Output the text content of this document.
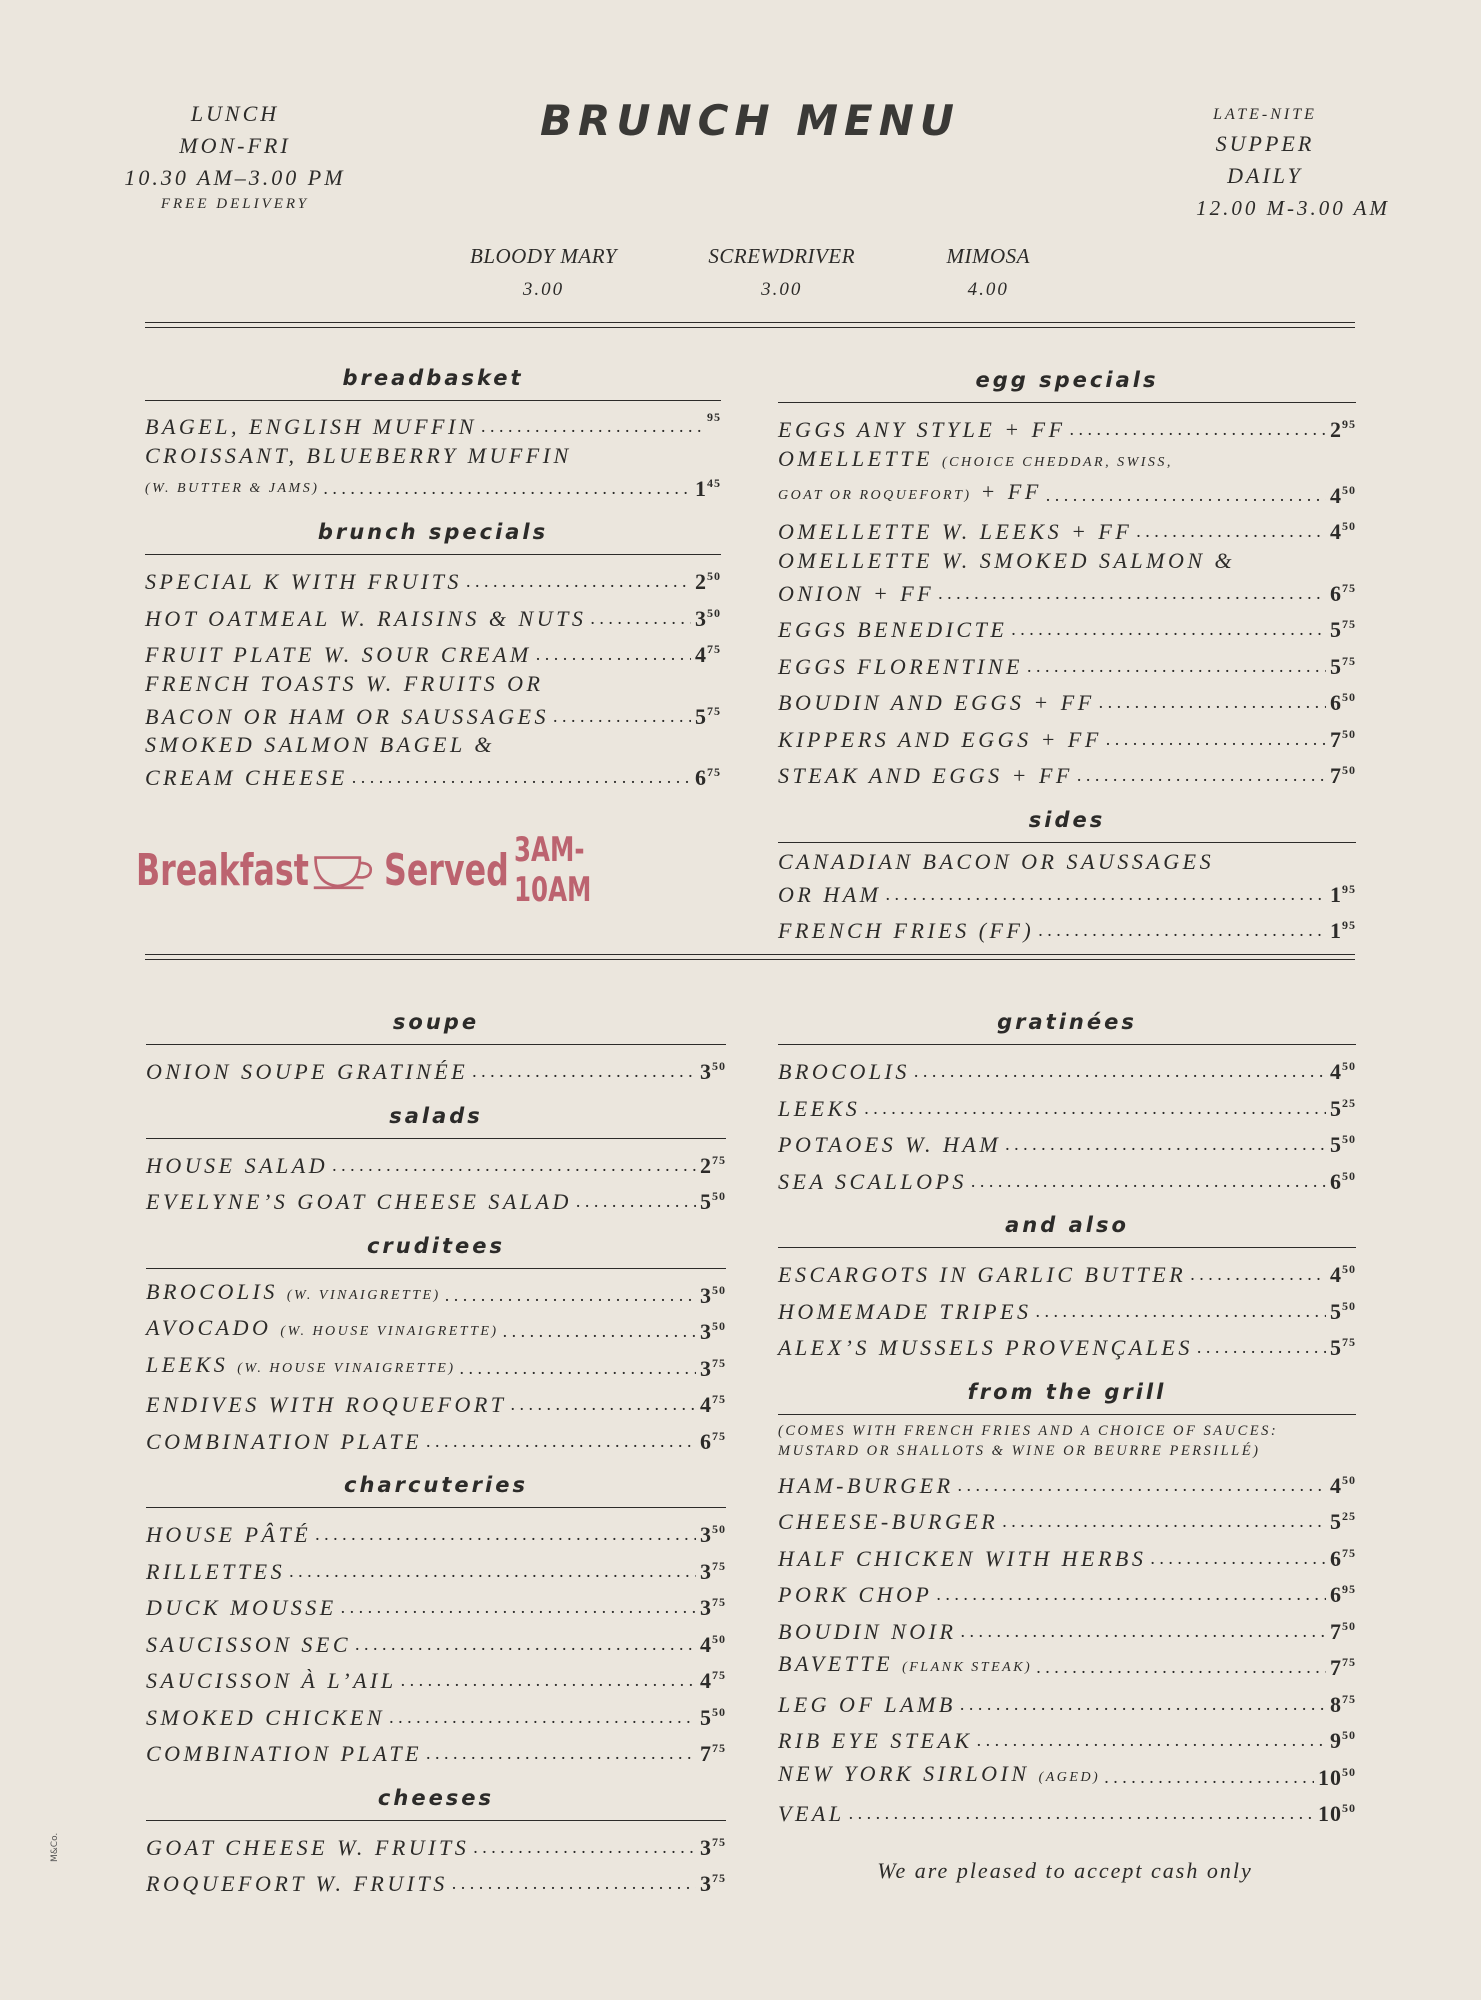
LUNCH
MON-FRI
10.30 AM–3.00 PM
FREE DELIVERY
BRUNCH MENU	LATE-NITE
SUPPER
DAILY
12.00 M-3.00 AM
BLOODY MARY
3.00
SCREWDRIVER
3.00
MIMOSA
4.00
breadbasket
BAGEL, ENGLISH MUFFIN . . .	$^{95}$
CROISSANT, BLUEBERRY MUFFIN
(W. BUTTER & JAMS) . . .	$1^{45}$
brunch specials
SPECIAL K WITH FRUITS . . .	$2^{50}$
HOT OATMEAL W. RAISINS & NUTS . . .	$3^{50}$
FRUIT PLATE W. SOUR CREAM . . .	$4^{75}$
FRENCH TOASTS W. FRUITS OR
BACON OR HAM OR SAUSSAGES . . .	$5^{75}$
SMOKED SALMON BAGEL &
CREAM CHEESE . . .	$6^{75}$
Breakfast Served 3AM-10AM
egg specials
EGGS ANY STYLE + FF . . .	$2^{95}$
OMELLETTE (CHOICE CHEDDAR, SWISS,
GOAT OR ROQUEFORT) + FF . . .	$4^{50}$
OMELLETTE W. LEEKS + FF . . .	$4^{50}$
OMELLETTE W. SMOKED SALMON &
ONION + FF . . .	$6^{75}$
EGGS BENEDICTE . . .	$5^{75}$
EGGS FLORENTINE . . .	$5^{75}$
BOUDIN AND EGGS + FF . . .	$6^{50}$
KIPPERS AND EGGS + FF . . .	$7^{50}$
STEAK AND EGGS + FF . . .	$7^{50}$
sides
CANADIAN BACON OR SAUSSAGES
OR HAM . . .	$1^{95}$
FRENCH FRIES (FF) . . .	$1^{95}$
soupe
ONION SOUPE GRATINÉE . . .	$3^{50}$
salads
HOUSE SALAD . . .	$2^{75}$
EVELYNE’S GOAT CHEESE SALAD . . .	$5^{50}$
cruditees
BROCOLIS (W. VINAIGRETTE) . . .	$3^{50}$
AVOCADO (W. HOUSE VINAIGRETTE) . . .	$3^{50}$
LEEKS (W. HOUSE VINAIGRETTE) . . .	$3^{75}$
ENDIVES WITH ROQUEFORT . . .	$4^{75}$
COMBINATION PLATE . . .	$6^{75}$
charcuteries
HOUSE PÂTÉ . . .	$3^{50}$
RILLETTES . . .	$3^{75}$
DUCK MOUSSE . . .	$3^{75}$
SAUCISSON SEC . . .	$4^{50}$
SAUCISSON À L’AIL . . .	$4^{75}$
SMOKED CHICKEN . . .	$5^{50}$
COMBINATION PLATE . . .	$7^{75}$
cheeses
GOAT CHEESE W. FRUITS . . .	$3^{75}$
ROQUEFORT W. FRUITS . . .	$3^{75}$
gratinées
BROCOLIS . . .	$4^{50}$
LEEKS . . .	$5^{25}$
POTAOES W. HAM . . .	$5^{50}$
SEA SCALLOPS . . .	$6^{50}$
and also
ESCARGOTS IN GARLIC BUTTER . . .	$4^{50}$
HOMEMADE TRIPES . . .	$5^{50}$
ALEX’S MUSSELS PROVENÇALES . . .	$5^{75}$
from the grill
(COMES WITH FRENCH FRIES AND A CHOICE OF SAUCES:
MUSTARD OR SHALLOTS & WINE OR BEURRE PERSILLÉ)
HAM-BURGER . . .	$4^{50}$
CHEESE-BURGER . . .	$5^{25}$
HALF CHICKEN WITH HERBS . . .	$6^{75}$
PORK CHOP . . .	$6^{95}$
BOUDIN NOIR . . .	$7^{50}$
BAVETTE (FLANK STEAK) . . .	$7^{75}$
LEG OF LAMB . . .	$8^{75}$
RIB EYE STEAK . . .	$9^{50}$
NEW YORK SIRLOIN (AGED) . . .	$10^{50}$
VEAL . . .	$10^{50}$
We are pleased to accept cash only
M&Co.
